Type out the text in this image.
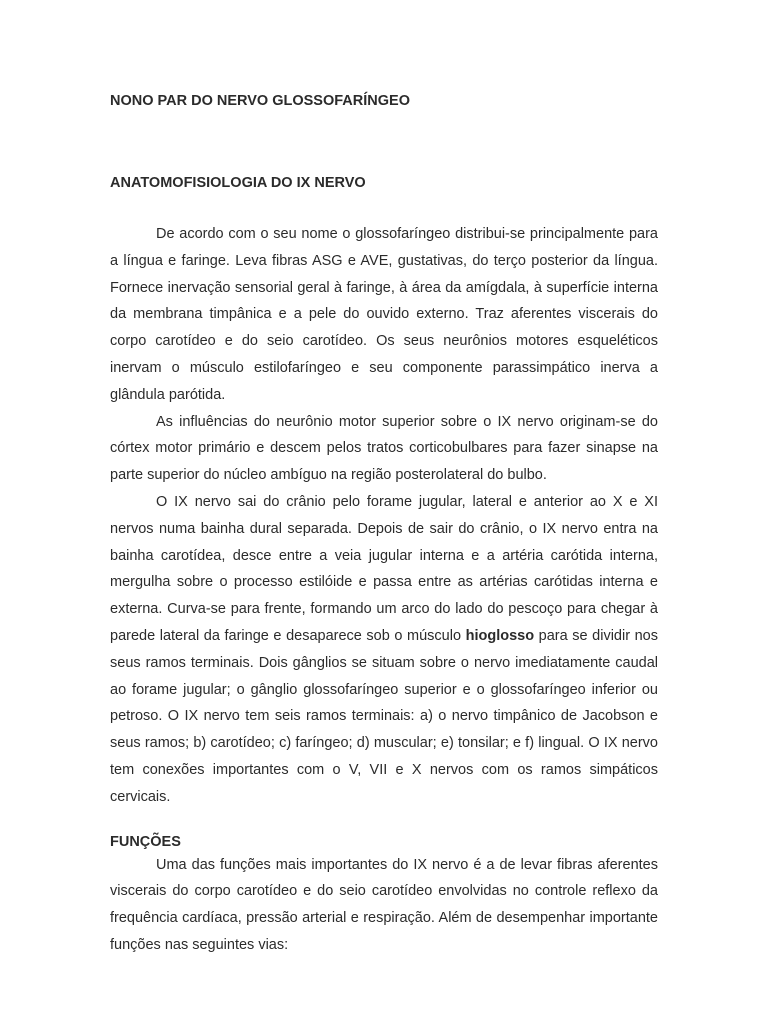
NONO PAR DO NERVO GLOSSOFARÍNGEO

ANATOMOFISIOLOGIA DO IX NERVO

De acordo com o seu nome o glossofaríngeo distribui-se principalmente para a língua e faringe. Leva fibras ASG e AVE, gustativas, do terço posterior da língua. Fornece inervação sensorial geral à faringe, à área da amígdala, à superfície interna da membrana timpânica e a pele do ouvido externo. Traz aferentes viscerais do corpo carotídeo e do seio carotídeo. Os seus neurônios motores esqueléticos inervam o músculo estilofaríngeo e seu componente parassimpático inerva a glândula parótida.

As influências do neurônio motor superior sobre o IX nervo originam-se do córtex motor primário e descem pelos tratos corticobulbares para fazer sinapse na parte superior do núcleo ambíguo na região posterolateral do bulbo.

O IX nervo sai do crânio pelo forame jugular, lateral e anterior ao X e XI nervos numa bainha dural separada. Depois de sair do crânio, o IX nervo entra na bainha carotídea, desce entre a veia jugular interna e a artéria carótida interna, mergulha sobre o processo estilóide e passa entre as artérias carótidas interna e externa. Curva-se para frente, formando um arco do lado do pescoço para chegar à parede lateral da faringe e desaparece sob o músculo hioglosso para se dividir nos seus ramos terminais. Dois gânglios se situam sobre o nervo imediatamente caudal ao forame jugular; o gânglio glossofaríngeo superior e o glossofaríngeo inferior ou petroso. O IX nervo tem seis ramos terminais: a) o nervo timpânico de Jacobson e seus ramos; b) carotídeo; c) faríngeo; d) muscular; e) tonsilar; e f) lingual. O IX nervo tem conexões importantes com o V, VII e X nervos com os ramos simpáticos cervicais.

FUNÇÕES

Uma das funções mais importantes do IX nervo é a de levar fibras aferentes viscerais do corpo carotídeo e do seio carotídeo envolvidas no controle reflexo da frequência cardíaca, pressão arterial e respiração. Além de desempenhar importante funções nas seguintes vias:
